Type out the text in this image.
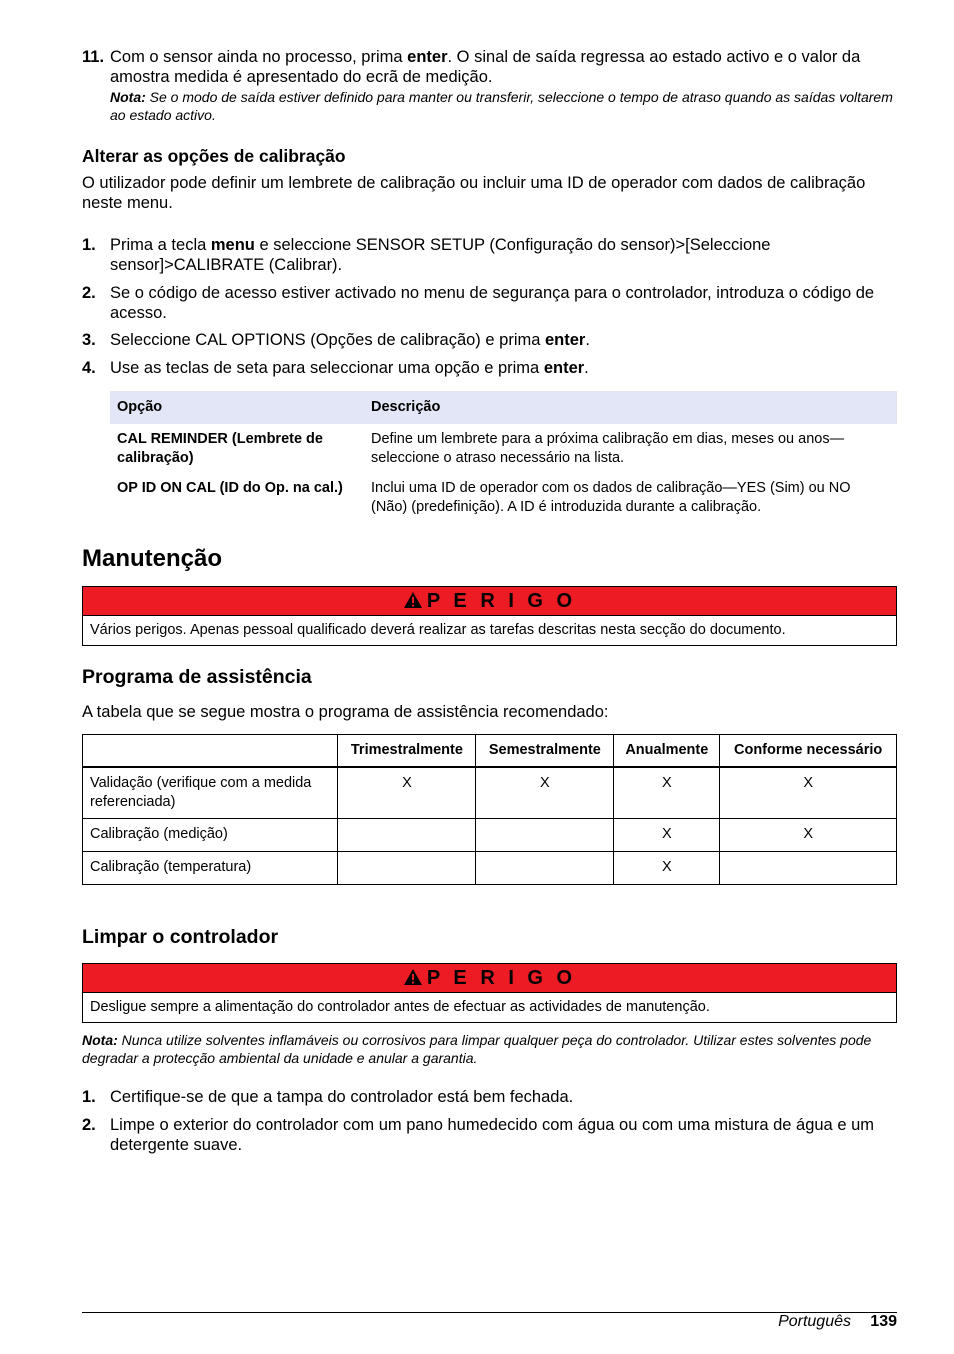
11. Com o sensor ainda no processo, prima enter. O sinal de saída regressa ao estado activo e o valor da amostra medida é apresentado do ecrã de medição.
Nota: Se o modo de saída estiver definido para manter ou transferir, seleccione o tempo de atraso quando as saídas voltarem ao estado activo.
Alterar as opções de calibração
O utilizador pode definir um lembrete de calibração ou incluir uma ID de operador com dados de calibração neste menu.
1. Prima a tecla menu e seleccione SENSOR SETUP (Configuração do sensor)>[Seleccione sensor]>CALIBRATE (Calibrar).
2. Se o código de acesso estiver activado no menu de segurança para o controlador, introduza o código de acesso.
3. Seleccione CAL OPTIONS (Opções de calibração) e prima enter.
4. Use as teclas de seta para seleccionar uma opção e prima enter.
Opção	Descrição
CAL REMINDER (Lembrete de calibração)	Define um lembrete para a próxima calibração em dias, meses ou anos—seleccione o atraso necessário na lista.
OP ID ON CAL (ID do Op. na cal.)	Inclui uma ID de operador com os dados de calibração—YES (Sim) ou NO (Não) (predefinição). A ID é introduzida durante a calibração.
Manutenção
P E R I G O
Vários perigos. Apenas pessoal qualificado deverá realizar as tarefas descritas nesta secção do documento.
Programa de assistência
A tabela que se segue mostra o programa de assistência recomendado:
	Trimestralmente	Semestralmente	Anualmente	Conforme necessário
Validação (verifique com a medida referenciada)	X	X	X	X
Calibração (medição)			X	X
Calibração (temperatura)			X	
Limpar o controlador
P E R I G O
Desligue sempre a alimentação do controlador antes de efectuar as actividades de manutenção.
Nota: Nunca utilize solventes inflamáveis ou corrosivos para limpar qualquer peça do controlador. Utilizar estes solventes pode degradar a protecção ambiental da unidade e anular a garantia.
1. Certifique-se de que a tampa do controlador está bem fechada.
2. Limpe o exterior do controlador com um pano humedecido com água ou com uma mistura de água e um detergente suave.
Português 139
